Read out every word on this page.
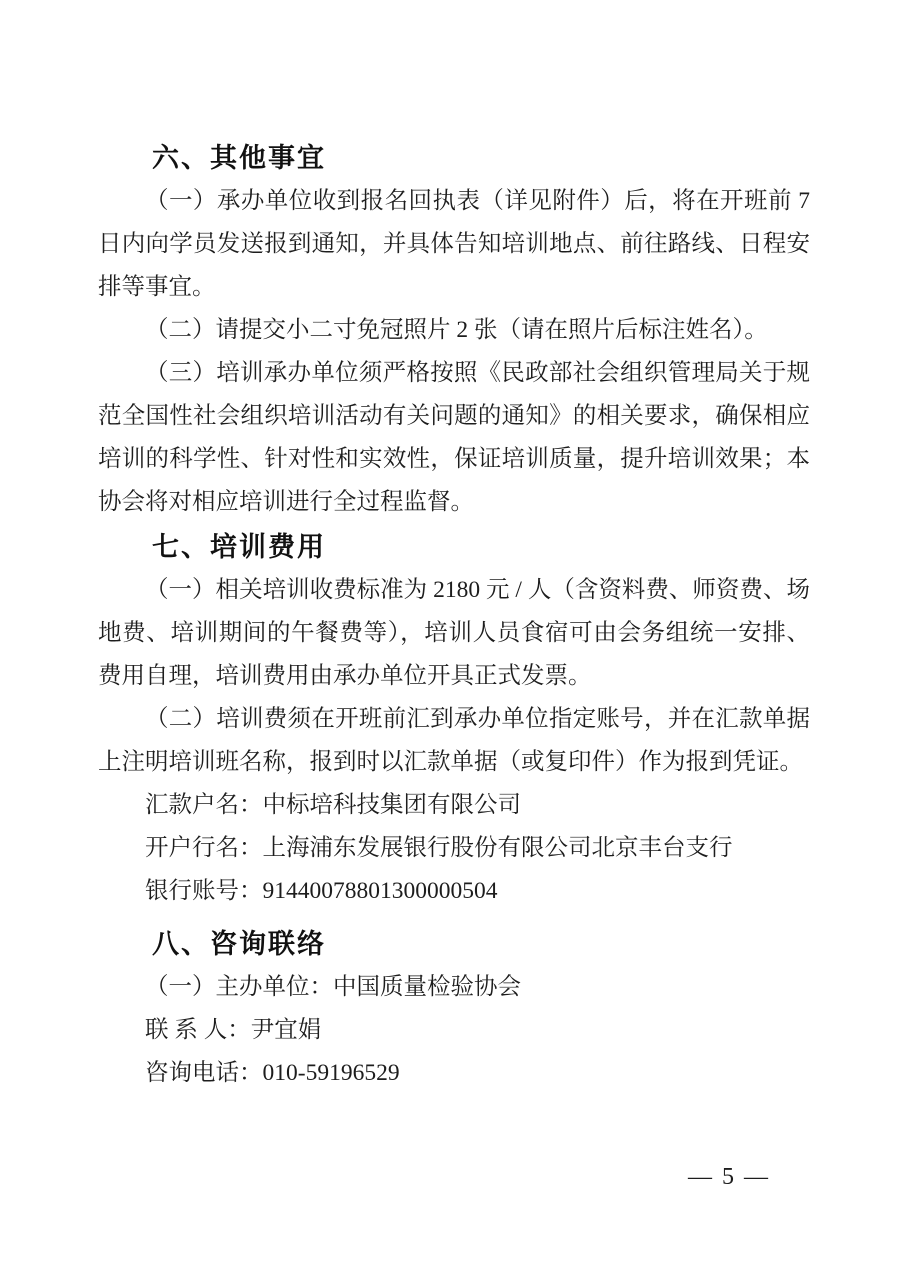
六、其他事宜

（一）承办单位收到报名回执表（详见附件）后，将在开班前 7 日内向学员发送报到通知，并具体告知培训地点、前往路线、日程安排等事宜。

（二）请提交小二寸免冠照片 2 张（请在照片后标注姓名）。

（三）培训承办单位须严格按照《民政部社会组织管理局关于规范全国性社会组织培训活动有关问题的通知》的相关要求，确保相应培训的科学性、针对性和实效性，保证培训质量，提升培训效果；本协会将对相应培训进行全过程监督。

七、培训费用

（一）相关培训收费标准为 2180 元 / 人（含资料费、师资费、场地费、培训期间的午餐费等），培训人员食宿可由会务组统一安排、费用自理，培训费用由承办单位开具正式发票。

（二）培训费须在开班前汇到承办单位指定账号，并在汇款单据上注明培训班名称，报到时以汇款单据（或复印件）作为报到凭证。

汇款户名：中标培科技集团有限公司

开户行名：上海浦东发展银行股份有限公司北京丰台支行

银行账号：91440078801300000504

八、咨询联络

（一）主办单位：中国质量检验协会

联 系 人：尹宜娟

咨询电话：010-59196529

— 5 —
